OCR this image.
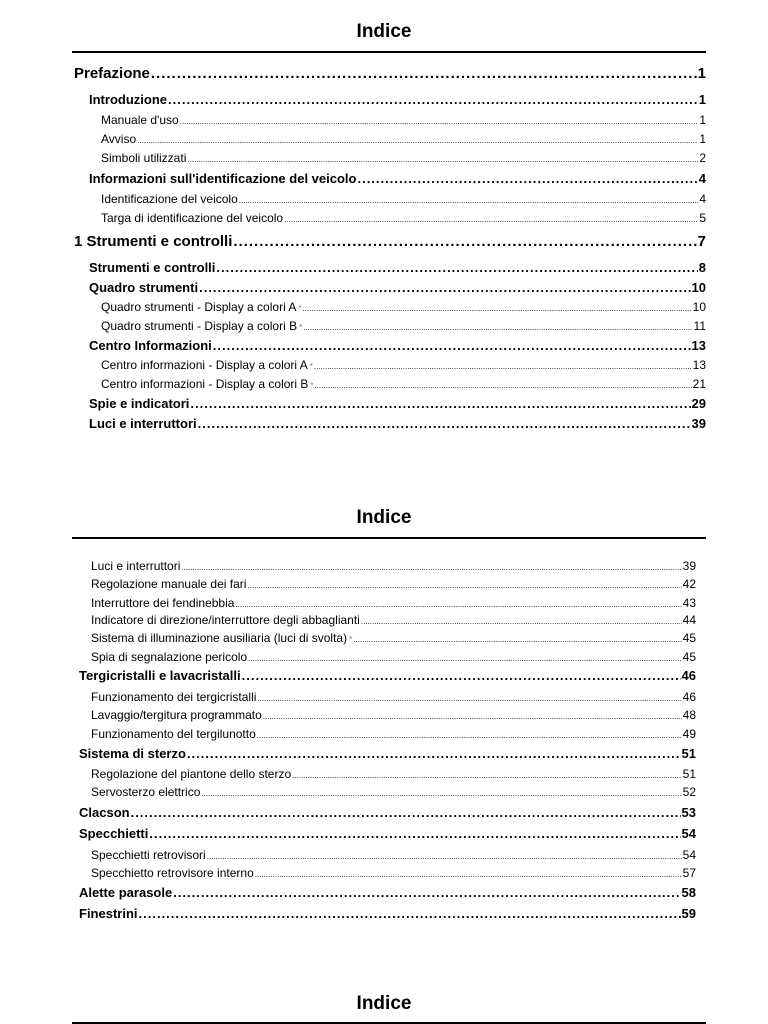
Indice
Prefazione .....	1
Introduzione .....	1
Manuale d'uso .....	1
Avviso .....	1
Simboli utilizzati .....	2
Informazioni sull'identificazione del veicolo .....	4
Identificazione del veicolo .....	4
Targa di identificazione del veicolo .....	5
1 Strumenti e controlli .....	7
Strumenti e controlli .....	8
Quadro strumenti .....	10
Quadro strumenti - Display a colori A * .....	10
Quadro strumenti - Display a colori B * .....	11
Centro Informazioni .....	13
Centro informazioni - Display a colori A * .....	13
Centro informazioni - Display a colori B * .....	21
Spie e indicatori .....	29
Luci e interruttori .....	39
Indice
Luci e interruttori .....	39
Regolazione manuale dei fari .....	42
Interruttore dei fendinebbia .....	43
Indicatore di direzione/interruttore degli abbaglianti .....	44
Sistema di illuminazione ausiliaria (luci di svolta) * .....	45
Spia di segnalazione pericolo .....	45
Tergicristalli e lavacristalli .....	46
Funzionamento dei tergicristalli .....	46
Lavaggio/tergitura programmato .....	48
Funzionamento del tergilunotto .....	49
Sistema di sterzo .....	51
Regolazione del piantone dello sterzo .....	51
Servosterzo elettrico .....	52
Clacson .....	53
Specchietti .....	54
Specchietti retrovisori .....	54
Specchietto retrovisore interno .....	57
Alette parasole .....	58
Finestrini .....	59
Indice
